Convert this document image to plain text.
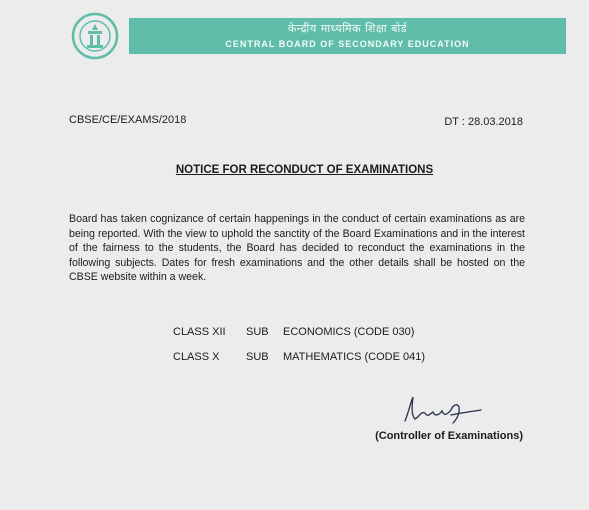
केन्द्रीय माध्यमिक शिक्षा बोर्ड
CENTRAL BOARD OF SECONDARY EDUCATION
CBSE/CE/EXAMS/2018	DT : 28.03.2018
NOTICE FOR RECONDUCT OF EXAMINATIONS
Board has taken cognizance of certain happenings in the conduct of certain examinations as are being reported. With the view to uphold the sanctity of the Board Examinations and in the interest of the fairness to the students, the Board has decided to reconduct the examinations in the following subjects. Dates for fresh examinations and the other details shall be hosted on the CBSE website within a week.
CLASS XII	SUB	ECONOMICS (CODE 030)
CLASS X	SUB	MATHEMATICS (CODE 041)
(Controller of Examinations)
